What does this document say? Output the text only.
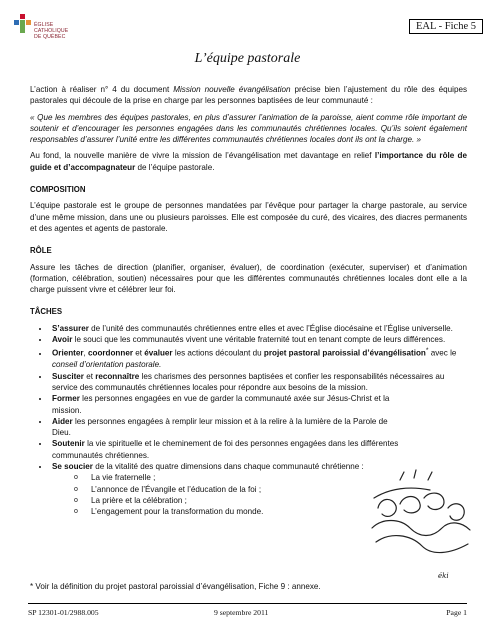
ÉGLISE
CATHOLIQUE
DE QUÉBEC
EAL - Fiche 5
L’équipe pastorale

L’action à réaliser n° 4 du document Mission nouvelle évangélisation précise bien l’ajustement du rôle des équipes pastorales qui découle de la prise en charge par les personnes baptisées de leur communauté :

« Que les membres des équipes pastorales, en plus d’assurer l’animation de la paroisse, aient comme rôle important de soutenir et d’encourager les personnes engagées dans les communautés chrétiennes locales. Qu’ils soient également responsables d’assurer l’unité entre les différentes communautés chrétiennes locales dont ils ont la charge. »

Au fond, la nouvelle manière de vivre la mission de l’évangélisation met davantage en relief l’importance du rôle de guide et d’accompagnateur de l’équipe pastorale.

COMPOSITION

L’équipe pastorale est le groupe de personnes mandatées par l’évêque pour partager la charge pastorale, au service d’une même mission, dans une ou plusieurs paroisses. Elle est composée du curé, des vicaires, des diacres permanents et des agentes et agents de pastorale.

RÔLE

Assure les tâches de direction (planifier, organiser, évaluer), de coordination (exécuter, superviser) et d’animation (formation, célébration, soutien) nécessaires pour que les différentes communautés chrétiennes locales dont elle a la charge puissent vivre et célébrer leur foi.

TÂCHES

• S’assurer de l’unité des communautés chrétiennes entre elles et avec l’Église diocésaine et l’Église universelle.
• Avoir le souci que les communautés vivent une véritable fraternité tout en tenant compte de leurs différences.
• Orienter, coordonner et évaluer les actions découlant du projet pastoral paroissial d’évangélisation* avec le conseil d’orientation pastorale.
• Susciter et reconnaître les charismes des personnes baptisées et confier les responsabilités nécessaires au service des communautés chrétiennes locales pour répondre aux besoins de la mission.
• Former les personnes engagées en vue de garder la communauté axée sur Jésus-Christ et la mission.
• Aider les personnes engagées à remplir leur mission et à la relire à la lumière de la Parole de Dieu.
• Soutenir la vie spirituelle et le cheminement de foi des personnes engagées dans les différentes communautés chrétiennes.
• Se soucier de la vitalité des quatre dimensions dans chaque communauté chrétienne :
o La vie fraternelle ;
o L’annonce de l’Évangile et l’éducation de la foi ;
o La prière et la célébration ;
o L’engagement pour la transformation du monde.
éki
* Voir la définition du projet pastoral paroissial d’évangélisation, Fiche 9 : annexe.
SP 12301-01/2988.005	9 septembre 2011	Page 1
